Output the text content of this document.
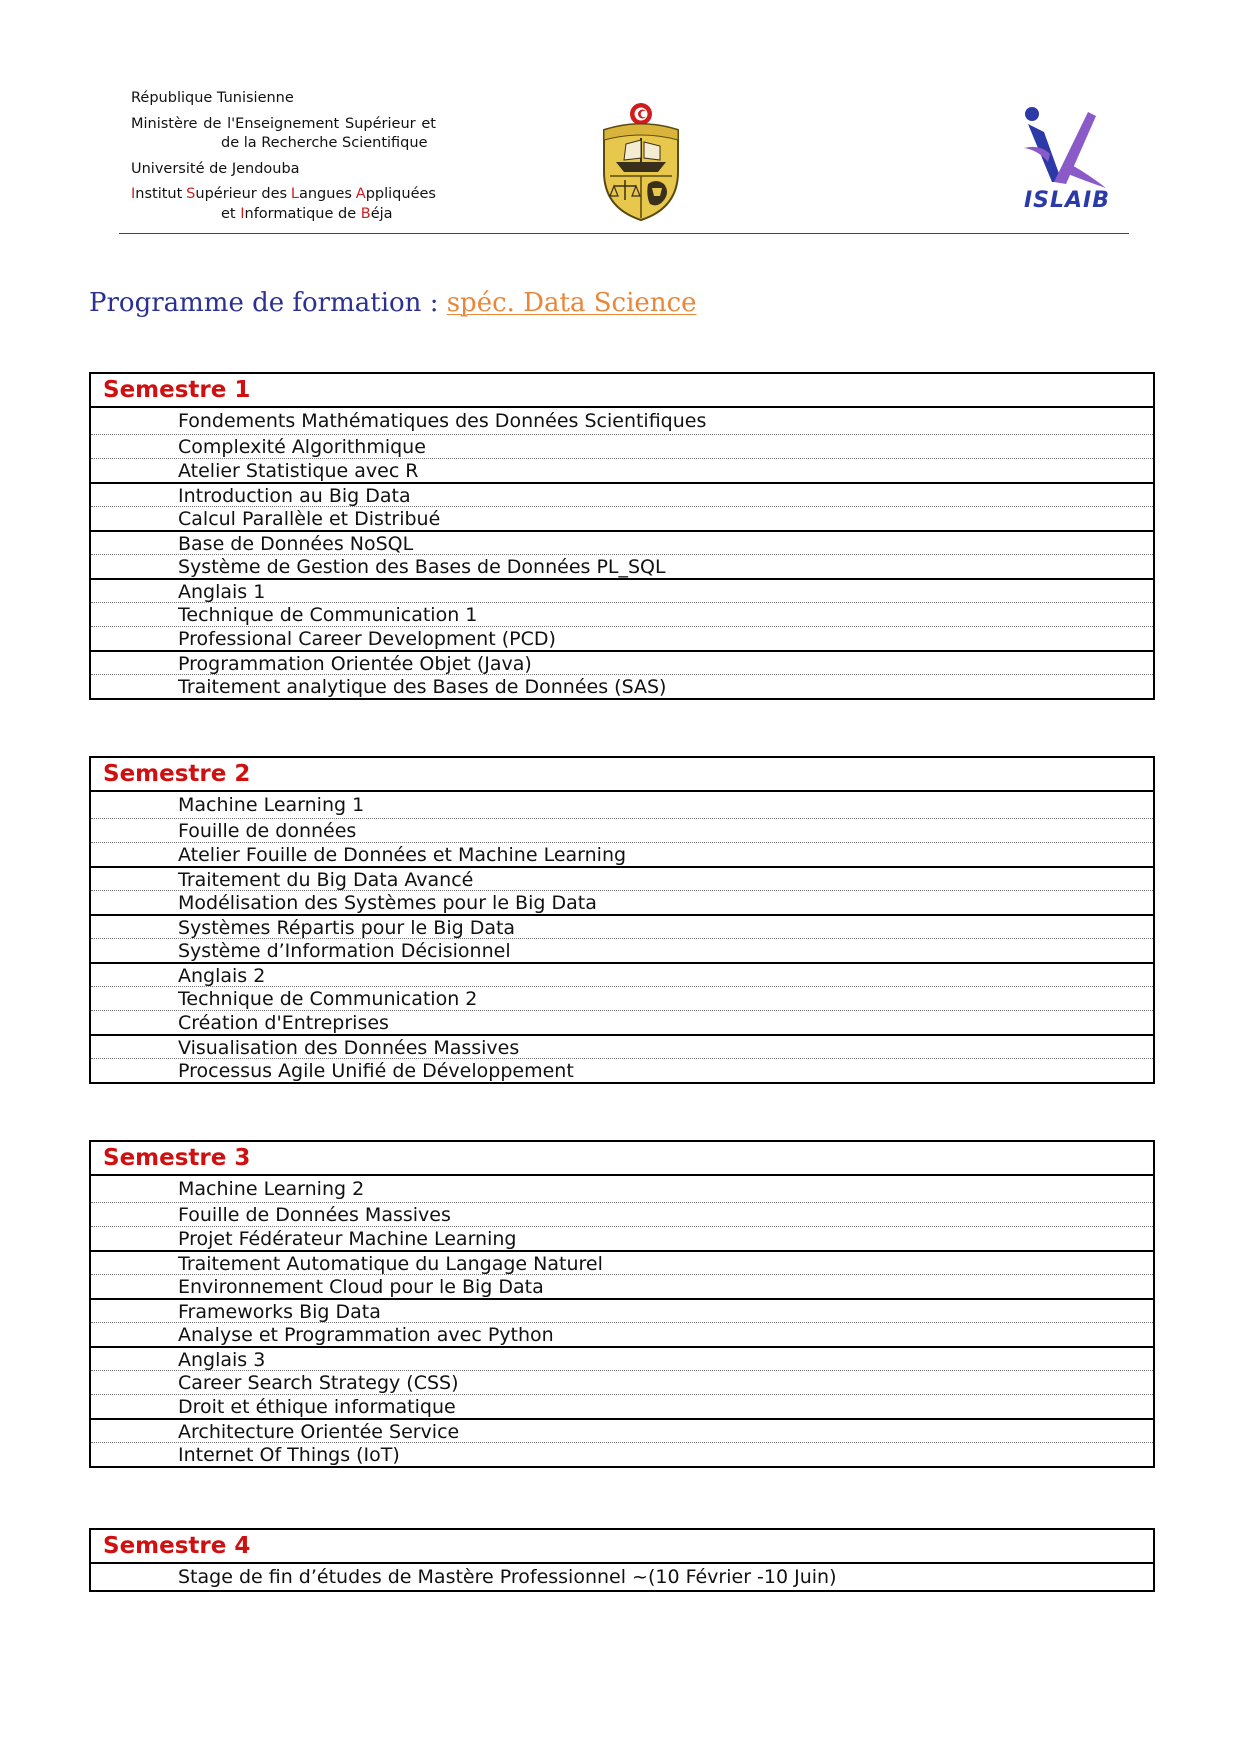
République Tunisienne
Ministère de l'Enseignement Supérieur et
de la Recherche Scientifique
Université de Jendouba
Institut Supérieur des Langues Appliquées
et Informatique de Béja
ISLAIB
Programme de formation : spéc. Data Science
Semestre 1
Fondements Mathématiques des Données Scientifiques
Complexité Algorithmique
Atelier Statistique avec R
Introduction au Big Data
Calcul Parallèle et Distribué
Base de Données NoSQL
Système de Gestion des Bases de Données PL_SQL
Anglais 1
Technique de Communication 1
Professional Career Development (PCD)
Programmation Orientée Objet (Java)
Traitement analytique des Bases de Données (SAS)
Semestre 2
Machine Learning 1
Fouille de données
Atelier Fouille de Données et Machine Learning
Traitement du Big Data Avancé
Modélisation des Systèmes pour le Big Data
Systèmes Répartis pour le Big Data
Système d’Information Décisionnel
Anglais 2
Technique de Communication 2
Création d'Entreprises
Visualisation des Données Massives
Processus Agile Unifié de Développement
Semestre 3
Machine Learning 2
Fouille de Données Massives
Projet Fédérateur Machine Learning
Traitement Automatique du Langage Naturel
Environnement Cloud pour le Big Data
Frameworks Big Data
Analyse et Programmation avec Python
Anglais 3
Career Search Strategy (CSS)
Droit et éthique informatique
Architecture Orientée Service
Internet Of Things (IoT)
Semestre 4
Stage de fin d’études de Mastère Professionnel ~(10 Février -10 Juin)
